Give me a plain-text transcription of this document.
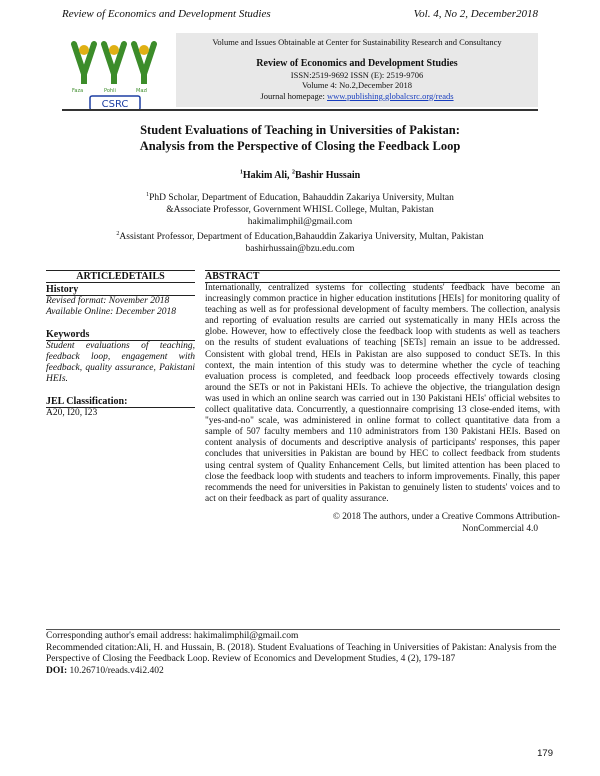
Review of Economics and Development Studies	Vol. 4, No 2, December2018
Faza	Pohli	Mazl
CSRC
Volume and Issues Obtainable at Center for Sustainability Research and Consultancy
Review of Economics and Development Studies
ISSN:2519-9692 ISSN (E): 2519-9706
Volume 4: No.2,December 2018
Journal homepage: www.publishing.globalcsrc.org/reads
Student Evaluations of Teaching in Universities of Pakistan:
Analysis from the Perspective of Closing the Feedback Loop
$^1$Hakim Ali, $^2$Bashir Hussain
$^1$PhD Scholar, Department of Education, Bahauddin Zakariya University, Multan
&Associate Professor, Government WHISL College, Multan, Pakistan
hakimalimphil@gmail.com
$^2$Assistant Professor, Department of Education,Bahauddin Zakariya University, Multan, Pakistan
bashirhussain@bzu.edu.com
ARTICLEDETAILS
History
Revised format: November 2018
Available Online: December 2018
Keywords
Student evaluations of teaching, feedback loop, engagement with feedback, quality assurance, Pakistani HEIs.
JEL Classification:
A20, I20, I23
ABSTRACT
Internationally, centralized systems for collecting students' feedback have become an increasingly common practice in higher education institutions [HEIs] for monitoring quality of teaching as well as for professional development of faculty members. The collection, analysis and reporting of evaluation results are carried out systematically in many HEIs across the globe. However, how to effectively close the feedback loop with students as well as teachers on the results of student evaluations of teaching [SETs] remain an issue to be addressed. Consistent with global trend, HEIs in Pakistan are also supposed to conduct SETs. In this context, the main intention of this study was to determine whether the cycle of teaching evaluation process is completed, and feedback loop proceeds effectively towards closing around the SETs or not in Pakistani HEIs. To achieve the objective, the triangulation design was used in which an online search was carried out in 130 Pakistani HEIs' official websites to collect qualitative data. Concurrently, a questionnaire comprising 13 close-ended items, with "yes-and-no" scale, was administered in online format to collect quantitative data from a sample of 507 faculty members and 110 administrators from 130 Pakistani HEIs. Based on content analysis of documents and descriptive analysis of participants' responses, this paper concludes that universities in Pakistan are bound by HEC to collect feedback from students using central system of Quality Enhancement Cells, but limited attention has been placed to close the feedback loop with students and teachers to inform improvements. Finally, this paper recommends the need for universities in Pakistan to genuinely listen to students' voices and to act on their feedback as part of quality assurance.
© 2018 The authors, under a Creative Commons Attribution-
NonCommercial 4.0
Corresponding author's email address: hakimalimphil@gmail.com
Recommended citation:Ali, H. and Hussain, B. (2018). Student Evaluations of Teaching in Universities of Pakistan: Analysis from the Perspective of Closing the Feedback Loop. Review of Economics and Development Studies, 4 (2), 179-187
DOI: 10.26710/reads.v4i2.402
179
